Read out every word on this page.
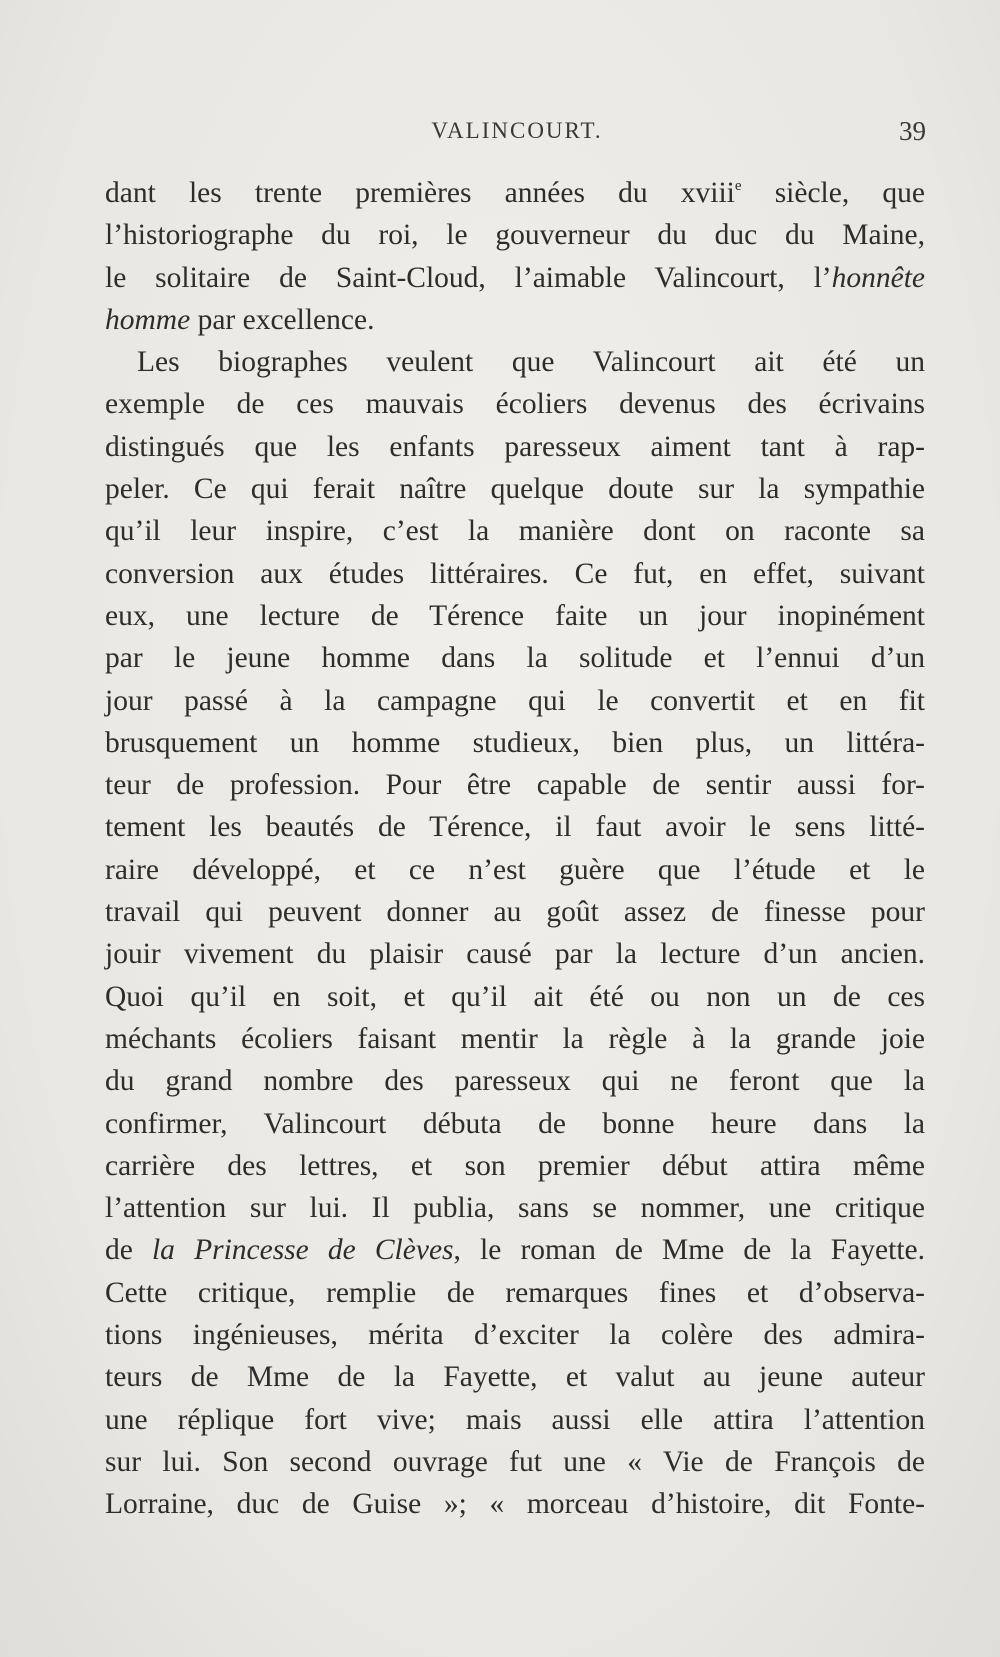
VALINCOURT.	39
dant les trente premières années du xviii$^e$ siècle, que
l’historiographe du roi, le gouverneur du duc du Maine,
le solitaire de Saint-Cloud, l’aimable Valincourt, l’honnête
homme par excellence.
Les biographes veulent que Valincourt ait été un
exemple de ces mauvais écoliers devenus des écrivains
distingués que les enfants paresseux aiment tant à rap-
peler. Ce qui ferait naître quelque doute sur la sympathie
qu’il leur inspire, c’est la manière dont on raconte sa
conversion aux études littéraires. Ce fut, en effet, suivant
eux, une lecture de Térence faite un jour inopinément
par le jeune homme dans la solitude et l’ennui d’un
jour passé à la campagne qui le convertit et en fit
brusquement un homme studieux, bien plus, un littéra-
teur de profession. Pour être capable de sentir aussi for-
tement les beautés de Térence, il faut avoir le sens litté-
raire développé, et ce n’est guère que l’étude et le
travail qui peuvent donner au goût assez de finesse pour
jouir vivement du plaisir causé par la lecture d’un ancien.
Quoi qu’il en soit, et qu’il ait été ou non un de ces
méchants écoliers faisant mentir la règle à la grande joie
du grand nombre des paresseux qui ne feront que la
confirmer, Valincourt débuta de bonne heure dans la
carrière des lettres, et son premier début attira même
l’attention sur lui. Il publia, sans se nommer, une critique
de la Princesse de Clèves, le roman de Mme de la Fayette.
Cette critique, remplie de remarques fines et d’observa-
tions ingénieuses, mérita d’exciter la colère des admira-
teurs de Mme de la Fayette, et valut au jeune auteur
une réplique fort vive; mais aussi elle attira l’attention
sur lui. Son second ouvrage fut une « Vie de François de
Lorraine, duc de Guise »; « morceau d’histoire, dit Fonte-
